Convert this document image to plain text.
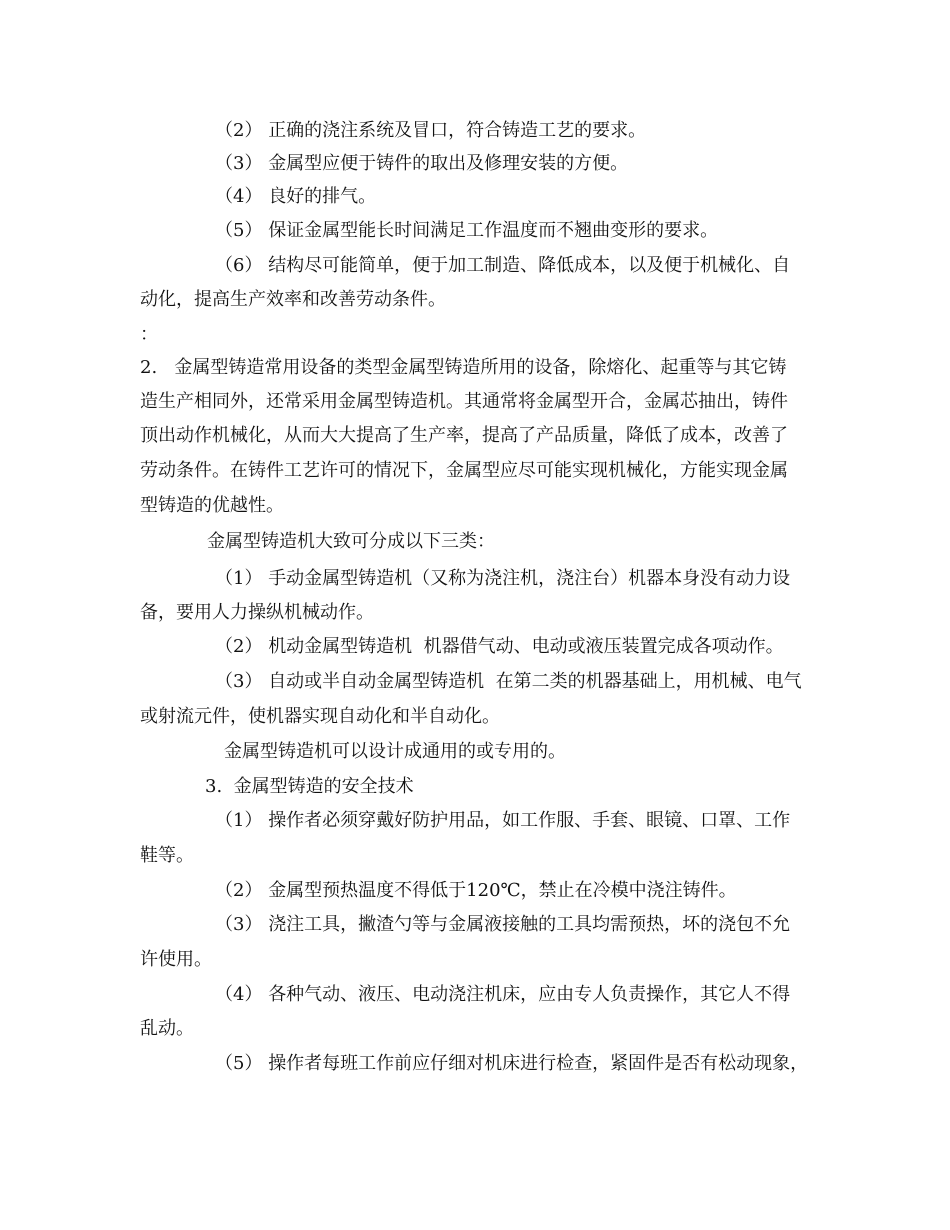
（2） 正确的浇注系统及冒口，符合铸造工艺的要求。
（3） 金属型应便于铸件的取出及修理安装的方便。
（4） 良好的排气。
（5） 保证金属型能长时间满足工作温度而不翘曲变形的要求。
（6） 结构尽可能简单，便于加工制造、降低成本，以及便于机械化、自
动化，提高生产效率和改善劳动条件。
：
2. 金属型铸造常用设备的类型金属型铸造所用的设备，除熔化、起重等与其它铸
造生产相同外，还常采用金属型铸造机。其通常将金属型开合，金属芯抽出，铸件
顶出动作机械化，从而大大提高了生产率，提高了产品质量，降低了成本，改善了
劳动条件。在铸件工艺许可的情况下，金属型应尽可能实现机械化，方能实现金属
型铸造的优越性。
金属型铸造机大致可分成以下三类：
（1） 手动金属型铸造机（又称为浇注机，浇注台）机器本身没有动力设
备，要用人力操纵机械动作。
（2） 机动金属型铸造机  机器借气动、电动或液压装置完成各项动作。
（3） 自动或半自动金属型铸造机  在第二类的机器基础上，用机械、电气
或射流元件，使机器实现自动化和半自动化。
金属型铸造机可以设计成通用的或专用的。
3.  金属型铸造的安全技术
（1） 操作者必须穿戴好防护用品，如工作服、手套、眼镜、口罩、工作
鞋等。
（2） 金属型预热温度不得低于120℃，禁止在冷模中浇注铸件。
（3） 浇注工具，撇渣勺等与金属液接触的工具均需预热，坏的浇包不允
许使用。
（4） 各种气动、液压、电动浇注机床，应由专人负责操作，其它人不得
乱动。
（5） 操作者每班工作前应仔细对机床进行检查，紧固件是否有松动现象，
